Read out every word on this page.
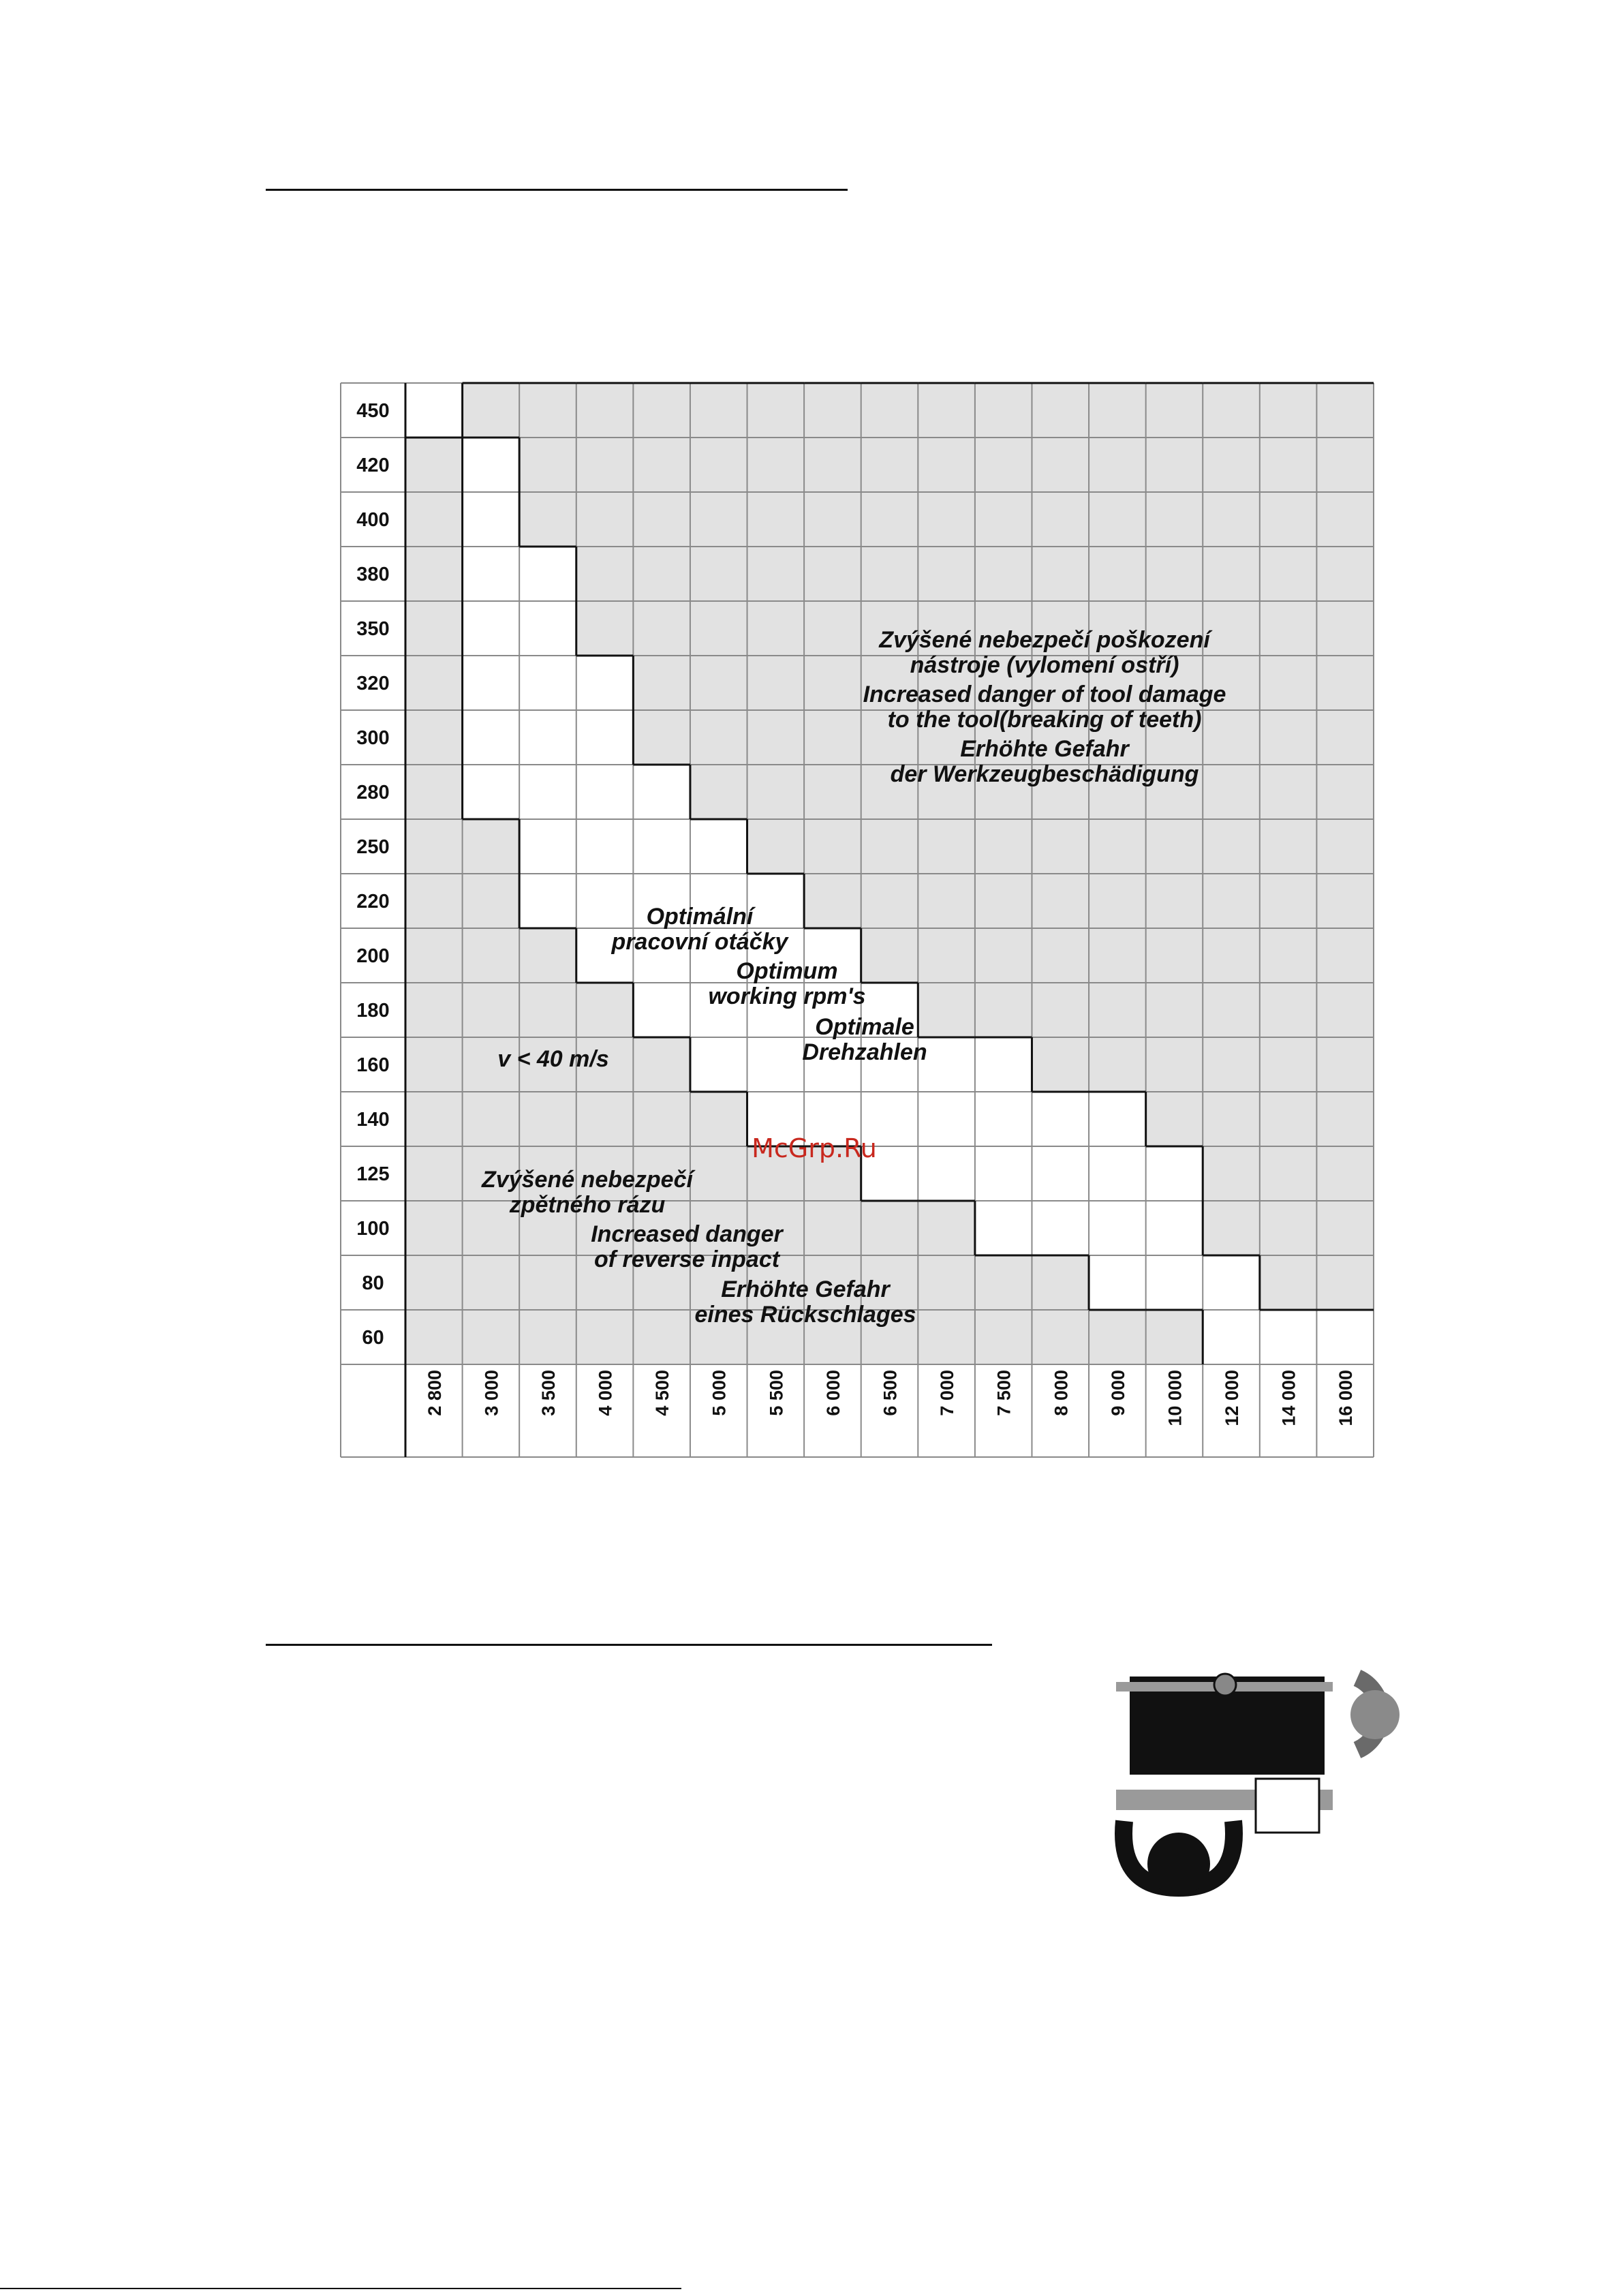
450
420
400
380
350
320
300
280
250
220
200
180
160
140
125
100
80
60
2 800 3 000 3 500 4 000 4 500 5 000 5 500 6 000 6 500 7 000 7 500 8 000 9 000 10 000 12 000 14 000 16 000
Zvýšené nebezpečí poškození
nástroje (vylomení ostří)
Increased danger of tool damage
to the tool(breaking of teeth)
Erhöhte Gefahr
der Werkzeugbeschädigung
Optimální
pracovní otáčky
Optimum
working rpm's
Optimale
Drehzahlen
v < 40 m/s
Zvýšené nebezpečí
zpětného rázu
Increased danger
of reverse inpact
Erhöhte Gefahr
eines Rückschlages
McGrp.Ru
